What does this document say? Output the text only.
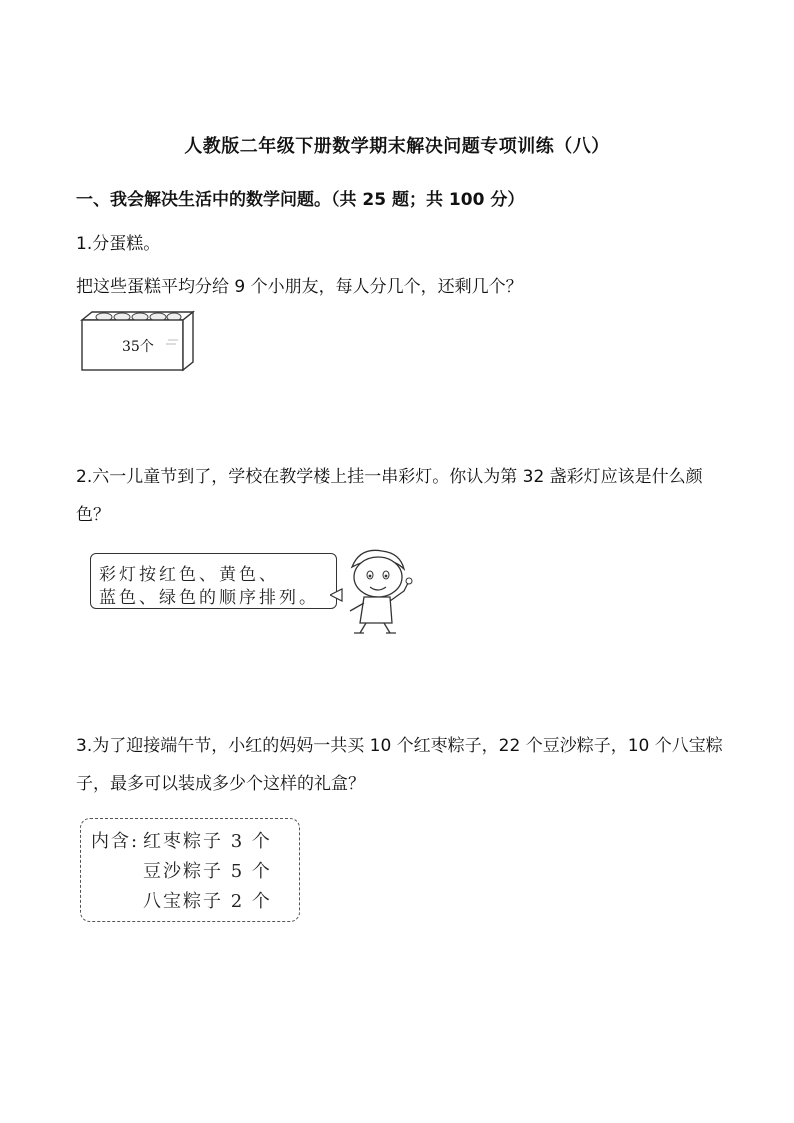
人教版二年级下册数学期末解决问题专项训练（八）
一、我会解决生活中的数学问题。（共 25 题；共 100 分）
1.分蛋糕。
把这些蛋糕平均分给 9 个小朋友，每人分几个，还剩几个？
35个
2.六一儿童节到了，学校在教学楼上挂一串彩灯。你认为第 32 盏彩灯应该是什么颜色？
彩灯按红色、黄色、
蓝色、绿色的顺序排列。
3.为了迎接端午节，小红的妈妈一共买 10 个红枣粽子，22 个豆沙粽子，10 个八宝粽子，最多可以装成多少个这样的礼盒？
内含: 红枣粽子 3 个
豆沙粽子 5 个
八宝粽子 2 个
